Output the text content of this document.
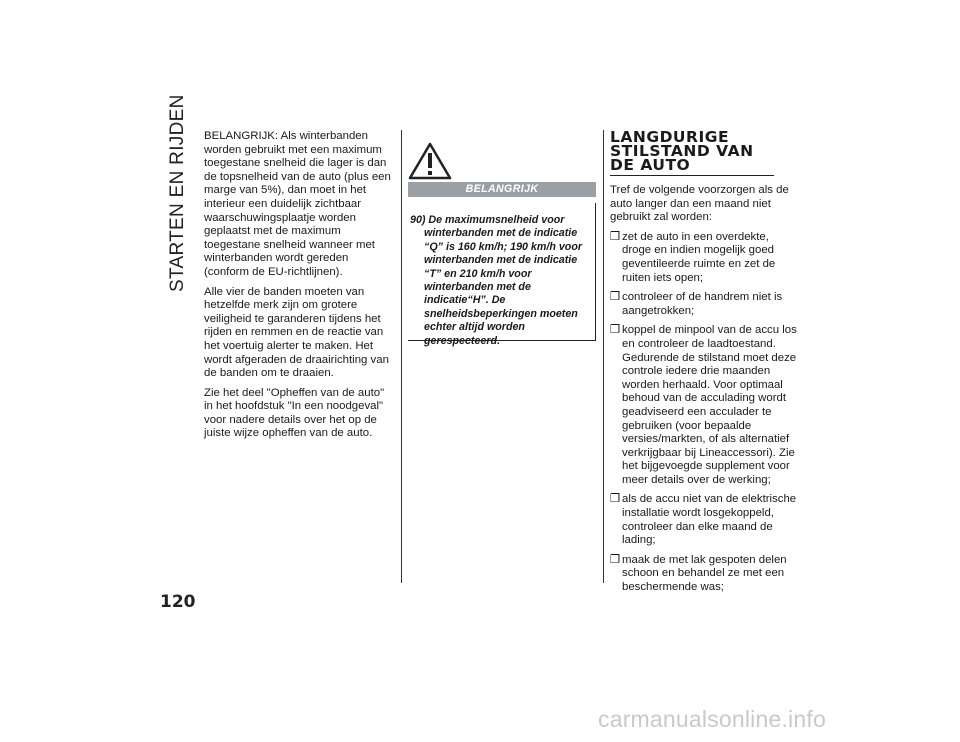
STARTEN EN RIJDEN	BELANGRIJK: Als winterbanden worden gebruikt met een maximum toegestane snelheid die lager is dan de topsnelheid van de auto (plus een marge van 5%), dan moet in het interieur een duidelijk zichtbaar waarschuwingsplaatje worden geplaatst met de maximum toegestane snelheid wanneer met winterbanden wordt gereden (conform de EU-richtlijnen).

Alle vier de banden moeten van hetzelfde merk zijn om grotere veiligheid te garanderen tijdens het rijden en remmen en de reactie van het voertuig alerter te maken. Het wordt afgeraden de draairichting van de banden om te draaien.

Zie het deel "Opheffen van de auto" in het hoofdstuk "In een noodgeval" voor nadere details over het op de juiste wijze opheffen van de auto.

BELANGRIJK
90) De maximumsnelheid voor
winterbanden met de indicatie “Q” is 160 km/h; 190 km/h voor winterbanden met de indicatie “T” en 210 km/h voor winterbanden met de indicatie“H”. De snelheidsbeperkingen moeten echter altijd worden gerespecteerd.
LANGDURIGE STILSTAND VAN DE AUTO

Tref de volgende voorzorgen als de auto langer dan een maand niet gebruikt zal worden:

❒ zet de auto in een overdekte, droge en indien mogelijk goed geventileerde ruimte en zet de ruiten iets open;
❒ controleer of de handrem niet is aangetrokken;
❒ koppel de minpool van de accu los en controleer de laadtoestand. Gedurende de stilstand moet deze controle iedere drie maanden worden herhaald. Voor optimaal behoud van de acculading wordt geadviseerd een acculader te gebruiken (voor bepaalde versies/markten, of als alternatief verkrijgbaar bij Lineaccessori). Zie het bijgevoegde supplement voor meer details over de werking;
❒ als de accu niet van de elektrische installatie wordt losgekoppeld, controleer dan elke maand de lading;
❒ maak de met lak gespoten delen schoon en behandel ze met een beschermende was;
120
carmanualsonline.info
